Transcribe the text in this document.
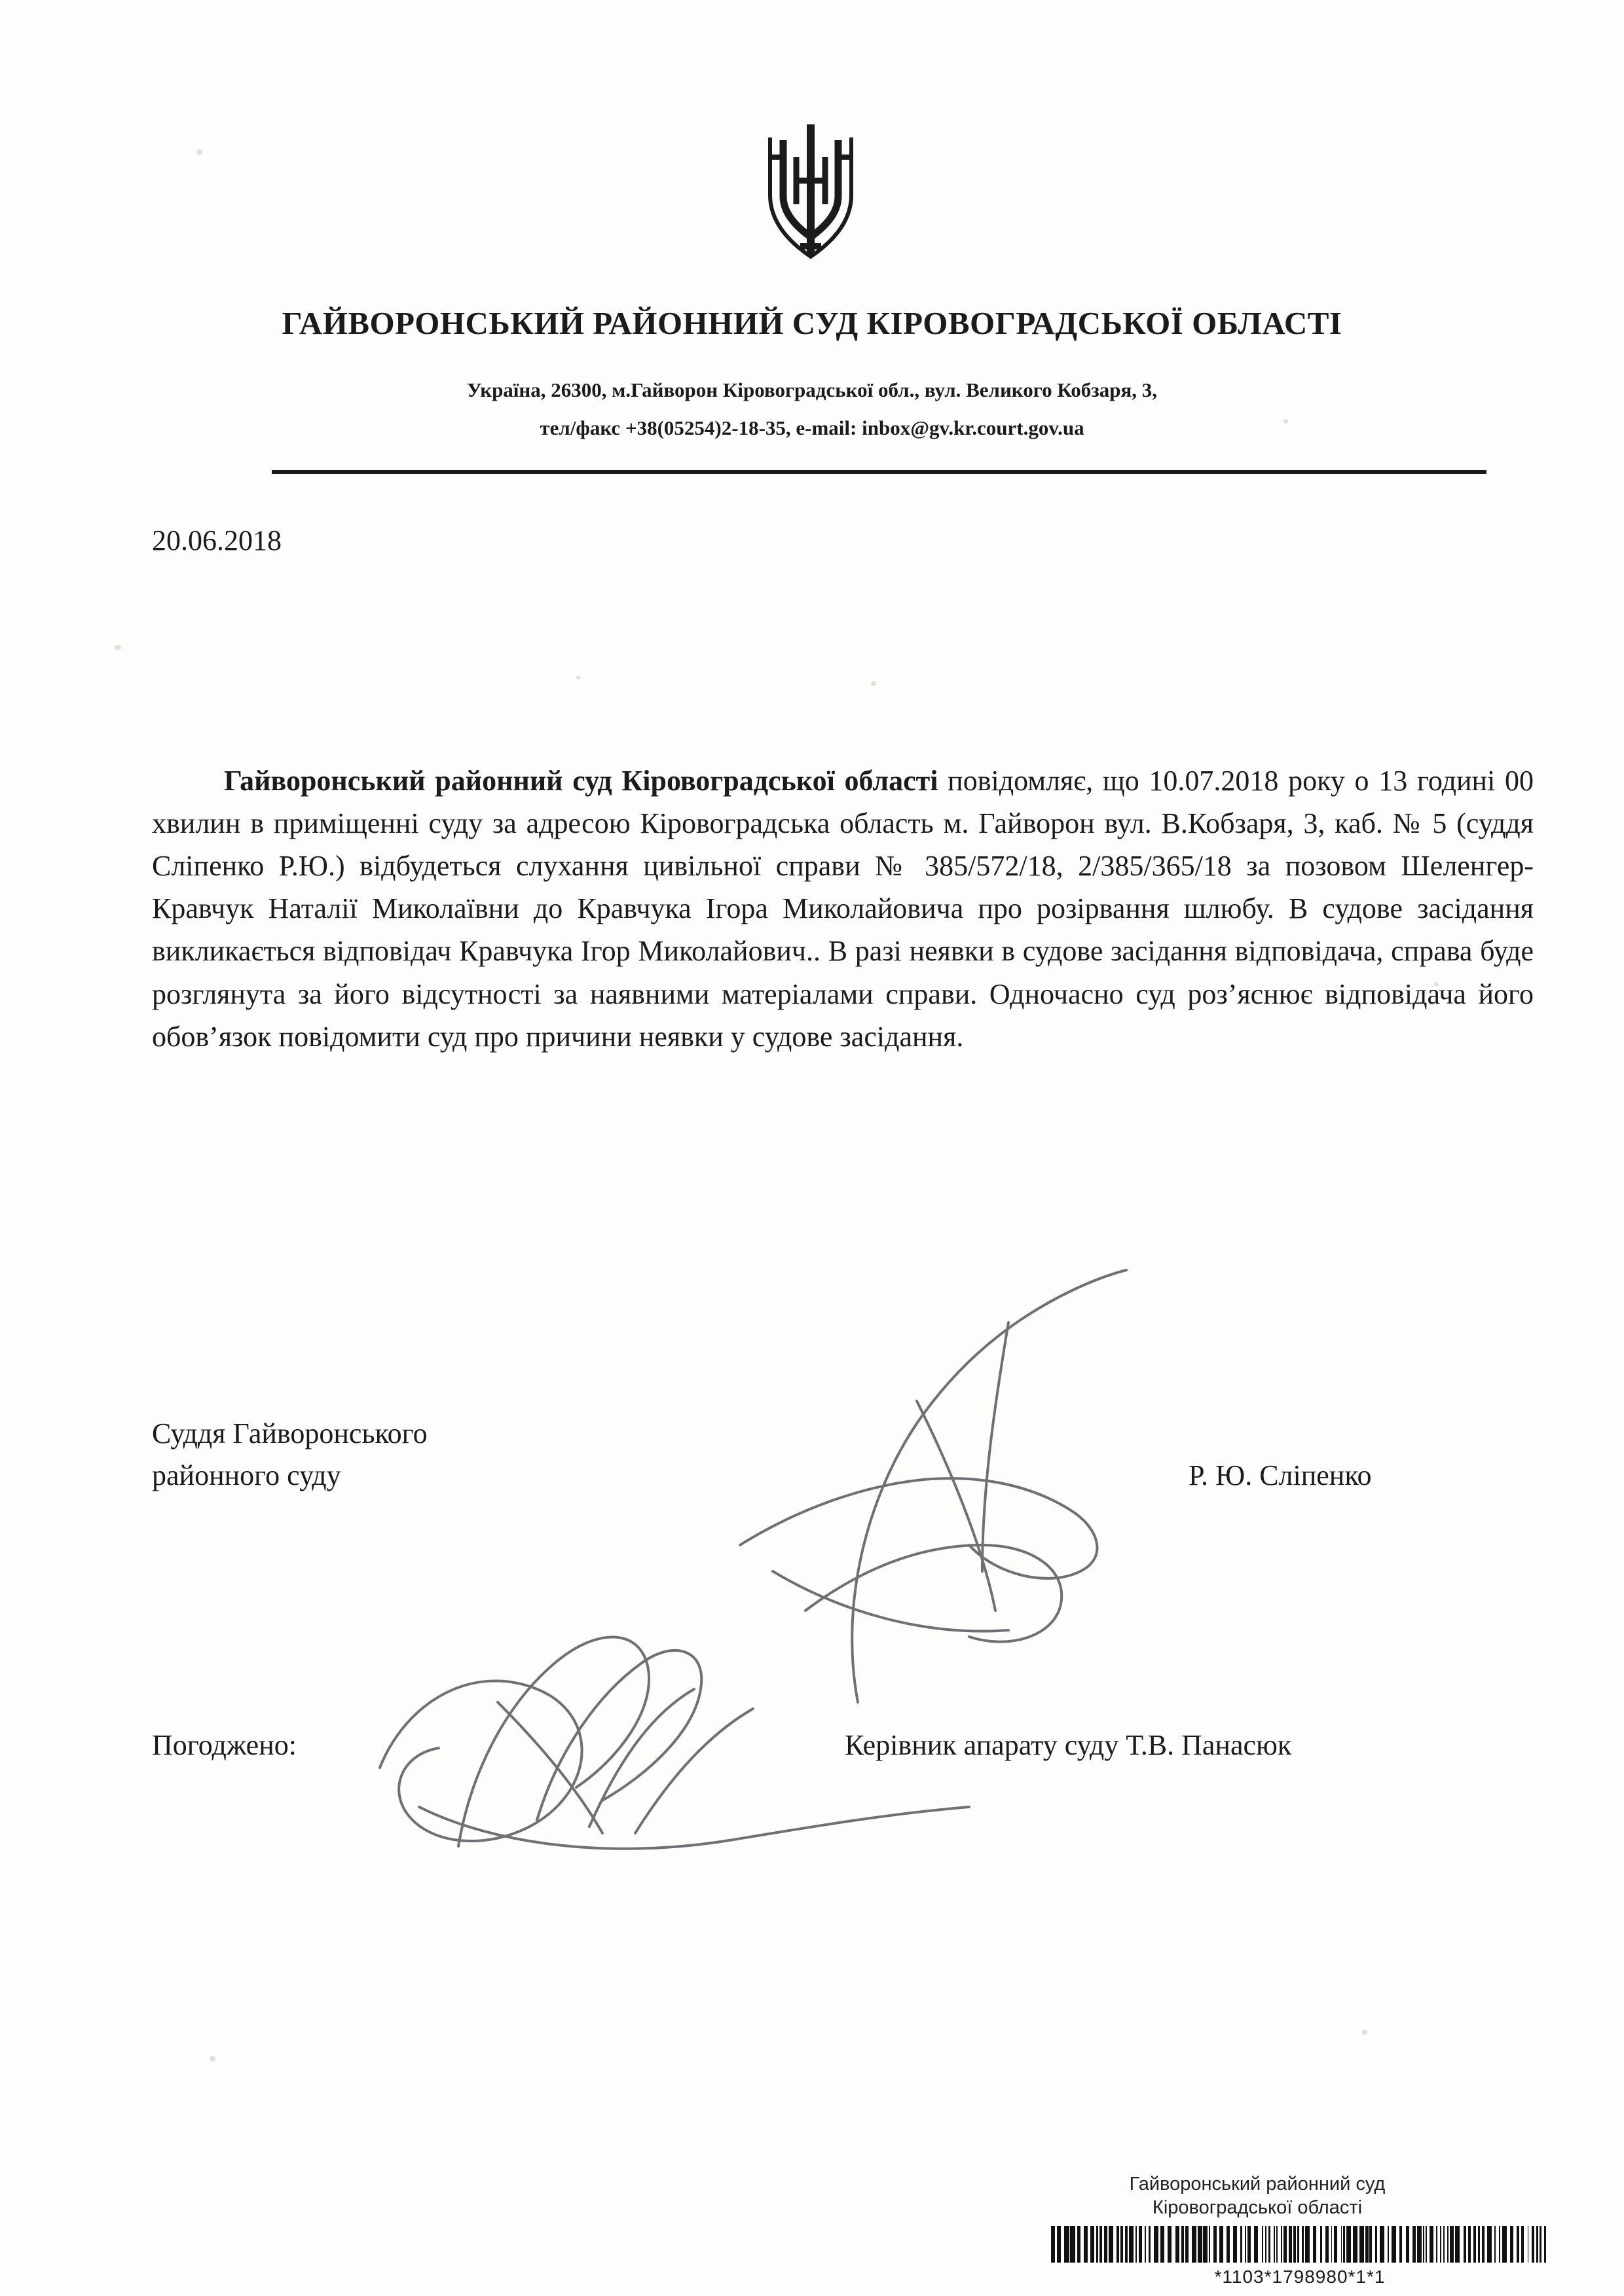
ГАЙВОРОНСЬКИЙ РАЙОННИЙ СУД КІРОВОГРАДСЬКОЇ ОБЛАСТІ
Україна, 26300, м.Гайворон Кіровоградської обл., вул. Великого Кобзаря, 3,
тел/факс +38(05254)2-18-35, e-mail: inbox@gv.kr.court.gov.ua
20.06.2018
Гайворонський районний суд Кіровоградської області повідомляє, що 10.07.2018 року о 13 годині 00 хвилин в приміщенні суду за адресою Кіровоградська область м. Гайворон вул. В.Кобзаря, 3, каб. № 5 (суддя Сліпенко Р.Ю.) відбудеться слухання цивільної справи № 385/572/18, 2/385/365/18 за позовом Шеленгер-Кравчук Наталії Миколаївни до Кравчука Ігора Миколайовича про розірвання шлюбу. В судове засідання викликається відповідач Кравчука Ігор Миколайович.. В разі неявки в судове засідання відповідача, справа буде розглянута за його відсутності за наявними матеріалами справи. Одночасно суд роз’яснює відповідача його обов’язок повідомити суд про причини неявки у судове засідання.
Суддя Гайворонського
районного суду	Р. Ю. Сліпенко
Погоджено:	Керівник апарату суду Т.В. Панасюк
Гайворонський районний суд
Кіровоградської області
*1103*1798980*1*1
